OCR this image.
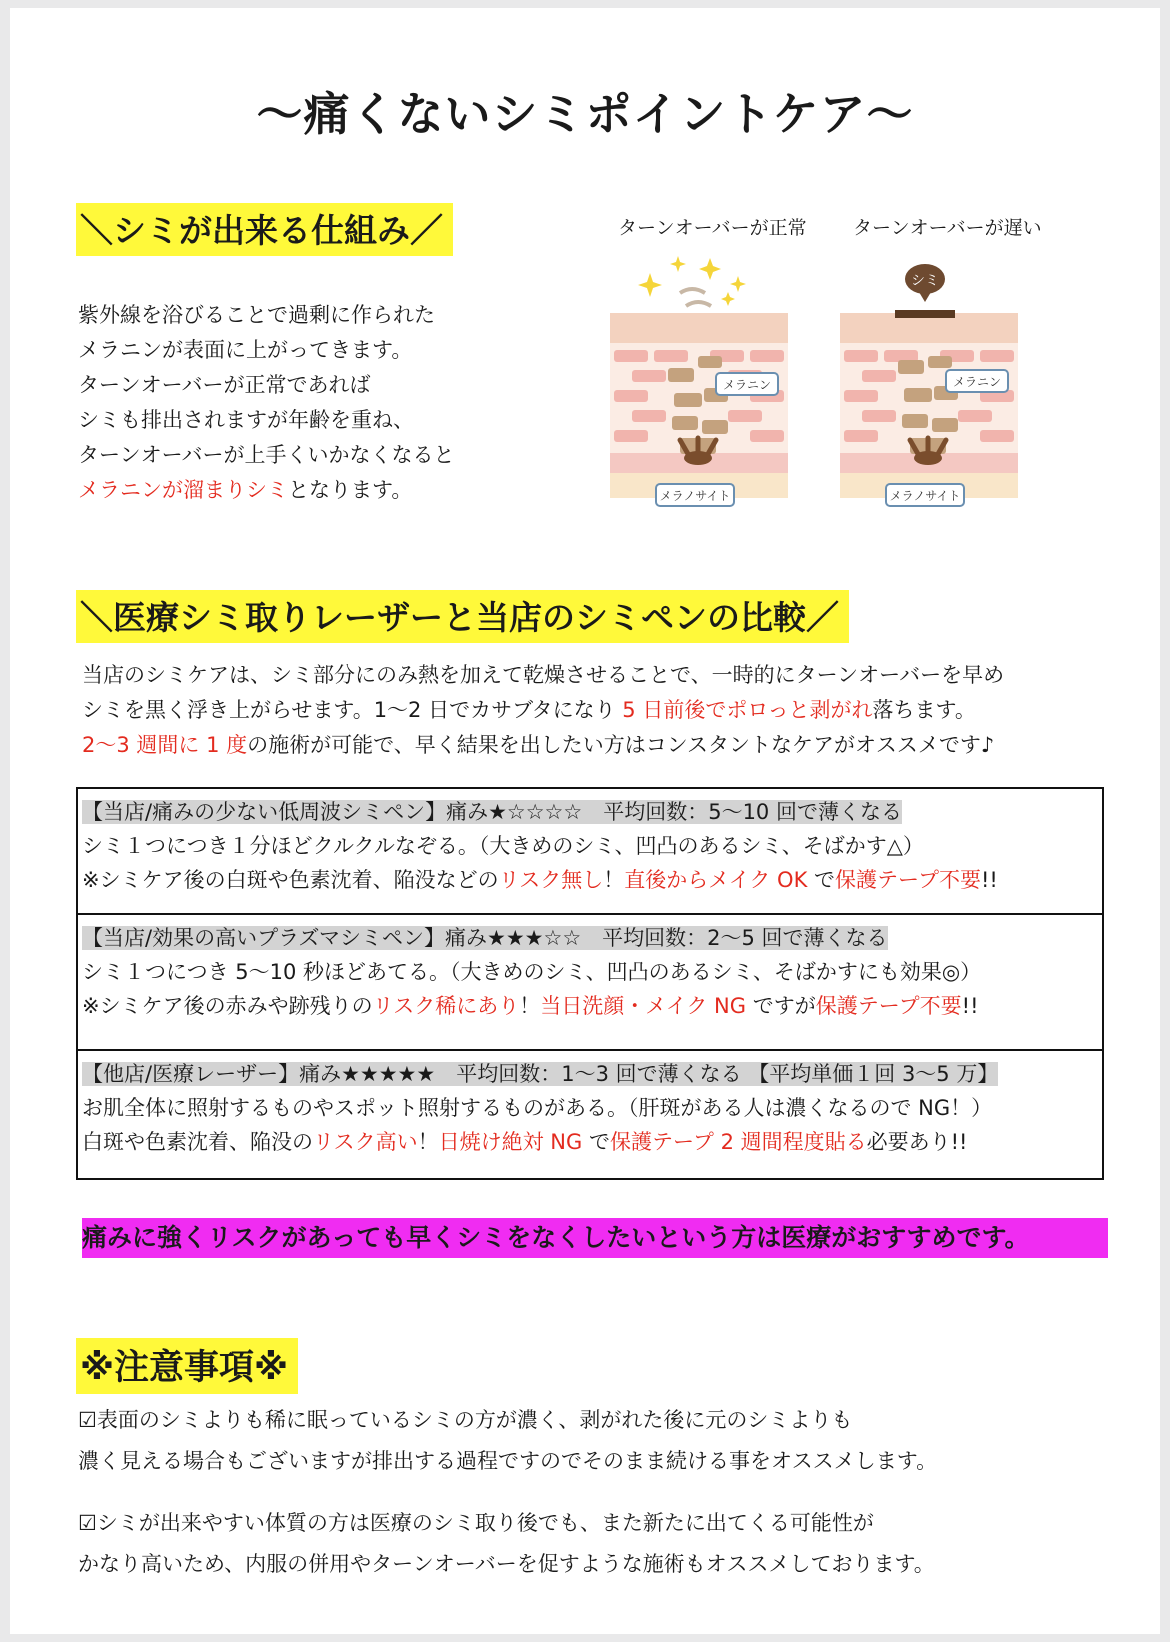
〜痛くないシミポイントケア〜
＼シミが出来る仕組み／
紫外線を浴びることで過剰に作られた
メラニンが表面に上がってきます。
ターンオーバーが正常であれば
シミも排出されますが年齢を重ね、
ターンオーバーが上手くいかなくなると
メラニンが溜まりシミとなります。
ターンオーバーが正常 ターンオーバーが遅い
シミ
メラニン	メラニン
メラノサイト	メラノサイト
＼医療シミ取りレーザーと当店のシミペンの比較／
当店のシミケアは、シミ部分にのみ熱を加えて乾燥させることで、一時的にターンオーバーを早め
シミを黒く浮き上がらせます。1〜2 日でカサブタになり 5 日前後でポロっと剥がれ落ちます。
2〜3 週間に 1 度の施術が可能で、早く結果を出したい方はコンスタントなケアがオススメです♪
【当店/痛みの少ない低周波シミペン】痛み★☆☆☆☆　平均回数：5〜10 回で薄くなる
シミ１つにつき１分ほどクルクルなぞる。（大きめのシミ、凹凸のあるシミ、そばかす△）
※シミケア後の白斑や色素沈着、陥没などのリスク無し！直後からメイク OK で保護テープ不要!!
【当店/効果の高いプラズマシミペン】痛み★★★☆☆　平均回数：2〜5 回で薄くなる
シミ１つにつき 5〜10 秒ほどあてる。（大きめのシミ、凹凸のあるシミ、そばかすにも効果◎）
※シミケア後の赤みや跡残りのリスク稀にあり！当日洗顔・メイク NG ですが保護テープ不要!!
【他店/医療レーザー】痛み★★★★★　平均回数：1〜3 回で薄くなる 【平均単価１回 3〜5 万】
お肌全体に照射するものやスポット照射するものがある。（肝斑がある人は濃くなるので NG！）
白斑や色素沈着、陥没のリスク高い！日焼け絶対 NG で保護テープ 2 週間程度貼る必要あり!!
痛みに強くリスクがあっても早くシミをなくしたいという方は医療がおすすめです。
※注意事項※
☑表面のシミよりも稀に眠っているシミの方が濃く、剥がれた後に元のシミよりも
濃く見える場合もございますが排出する過程ですのでそのまま続ける事をオススメします。
☑シミが出来やすい体質の方は医療のシミ取り後でも、また新たに出てくる可能性が
かなり高いため、内服の併用やターンオーバーを促すような施術もオススメしております。
